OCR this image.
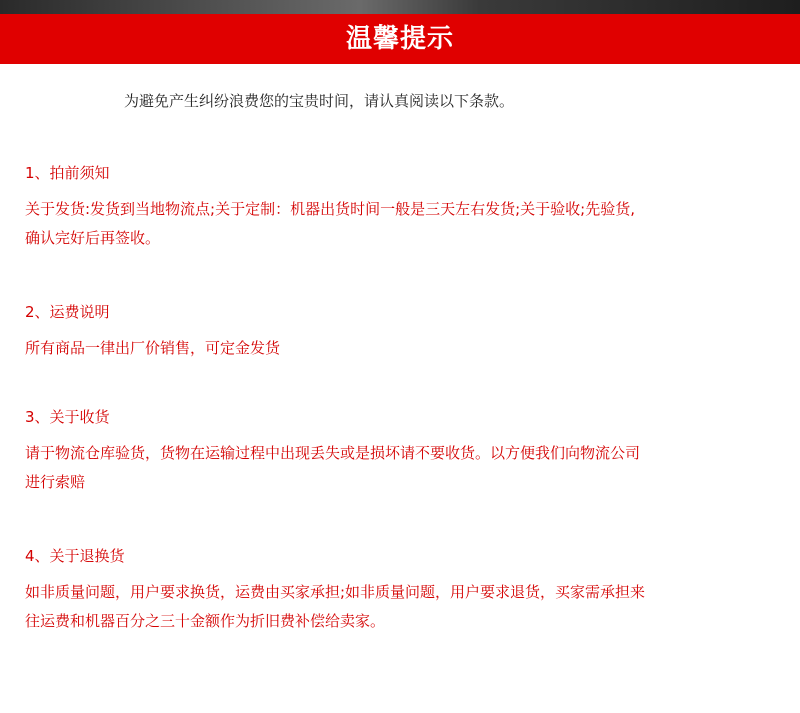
温馨提示
为避免产生纠纷浪费您的宝贵时间，请认真阅读以下条款。
1、拍前须知
关于发货:发货到当地物流点;关于定制：机器出货时间一般是三天左右发货;关于验收;先验货,
确认完好后再签收。
2、运费说明
所有商品一律出厂价销售，可定金发货
3、关于收货
请于物流仓库验货，货物在运输过程中出现丢失或是损坏请不要收货。以方便我们向物流公司
进行索赔
4、关于退换货
如非质量问题，用户要求换货，运费由买家承担;如非质量问题，用户要求退货，买家需承担来
往运费和机器百分之三十金额作为折旧费补偿给卖家。
